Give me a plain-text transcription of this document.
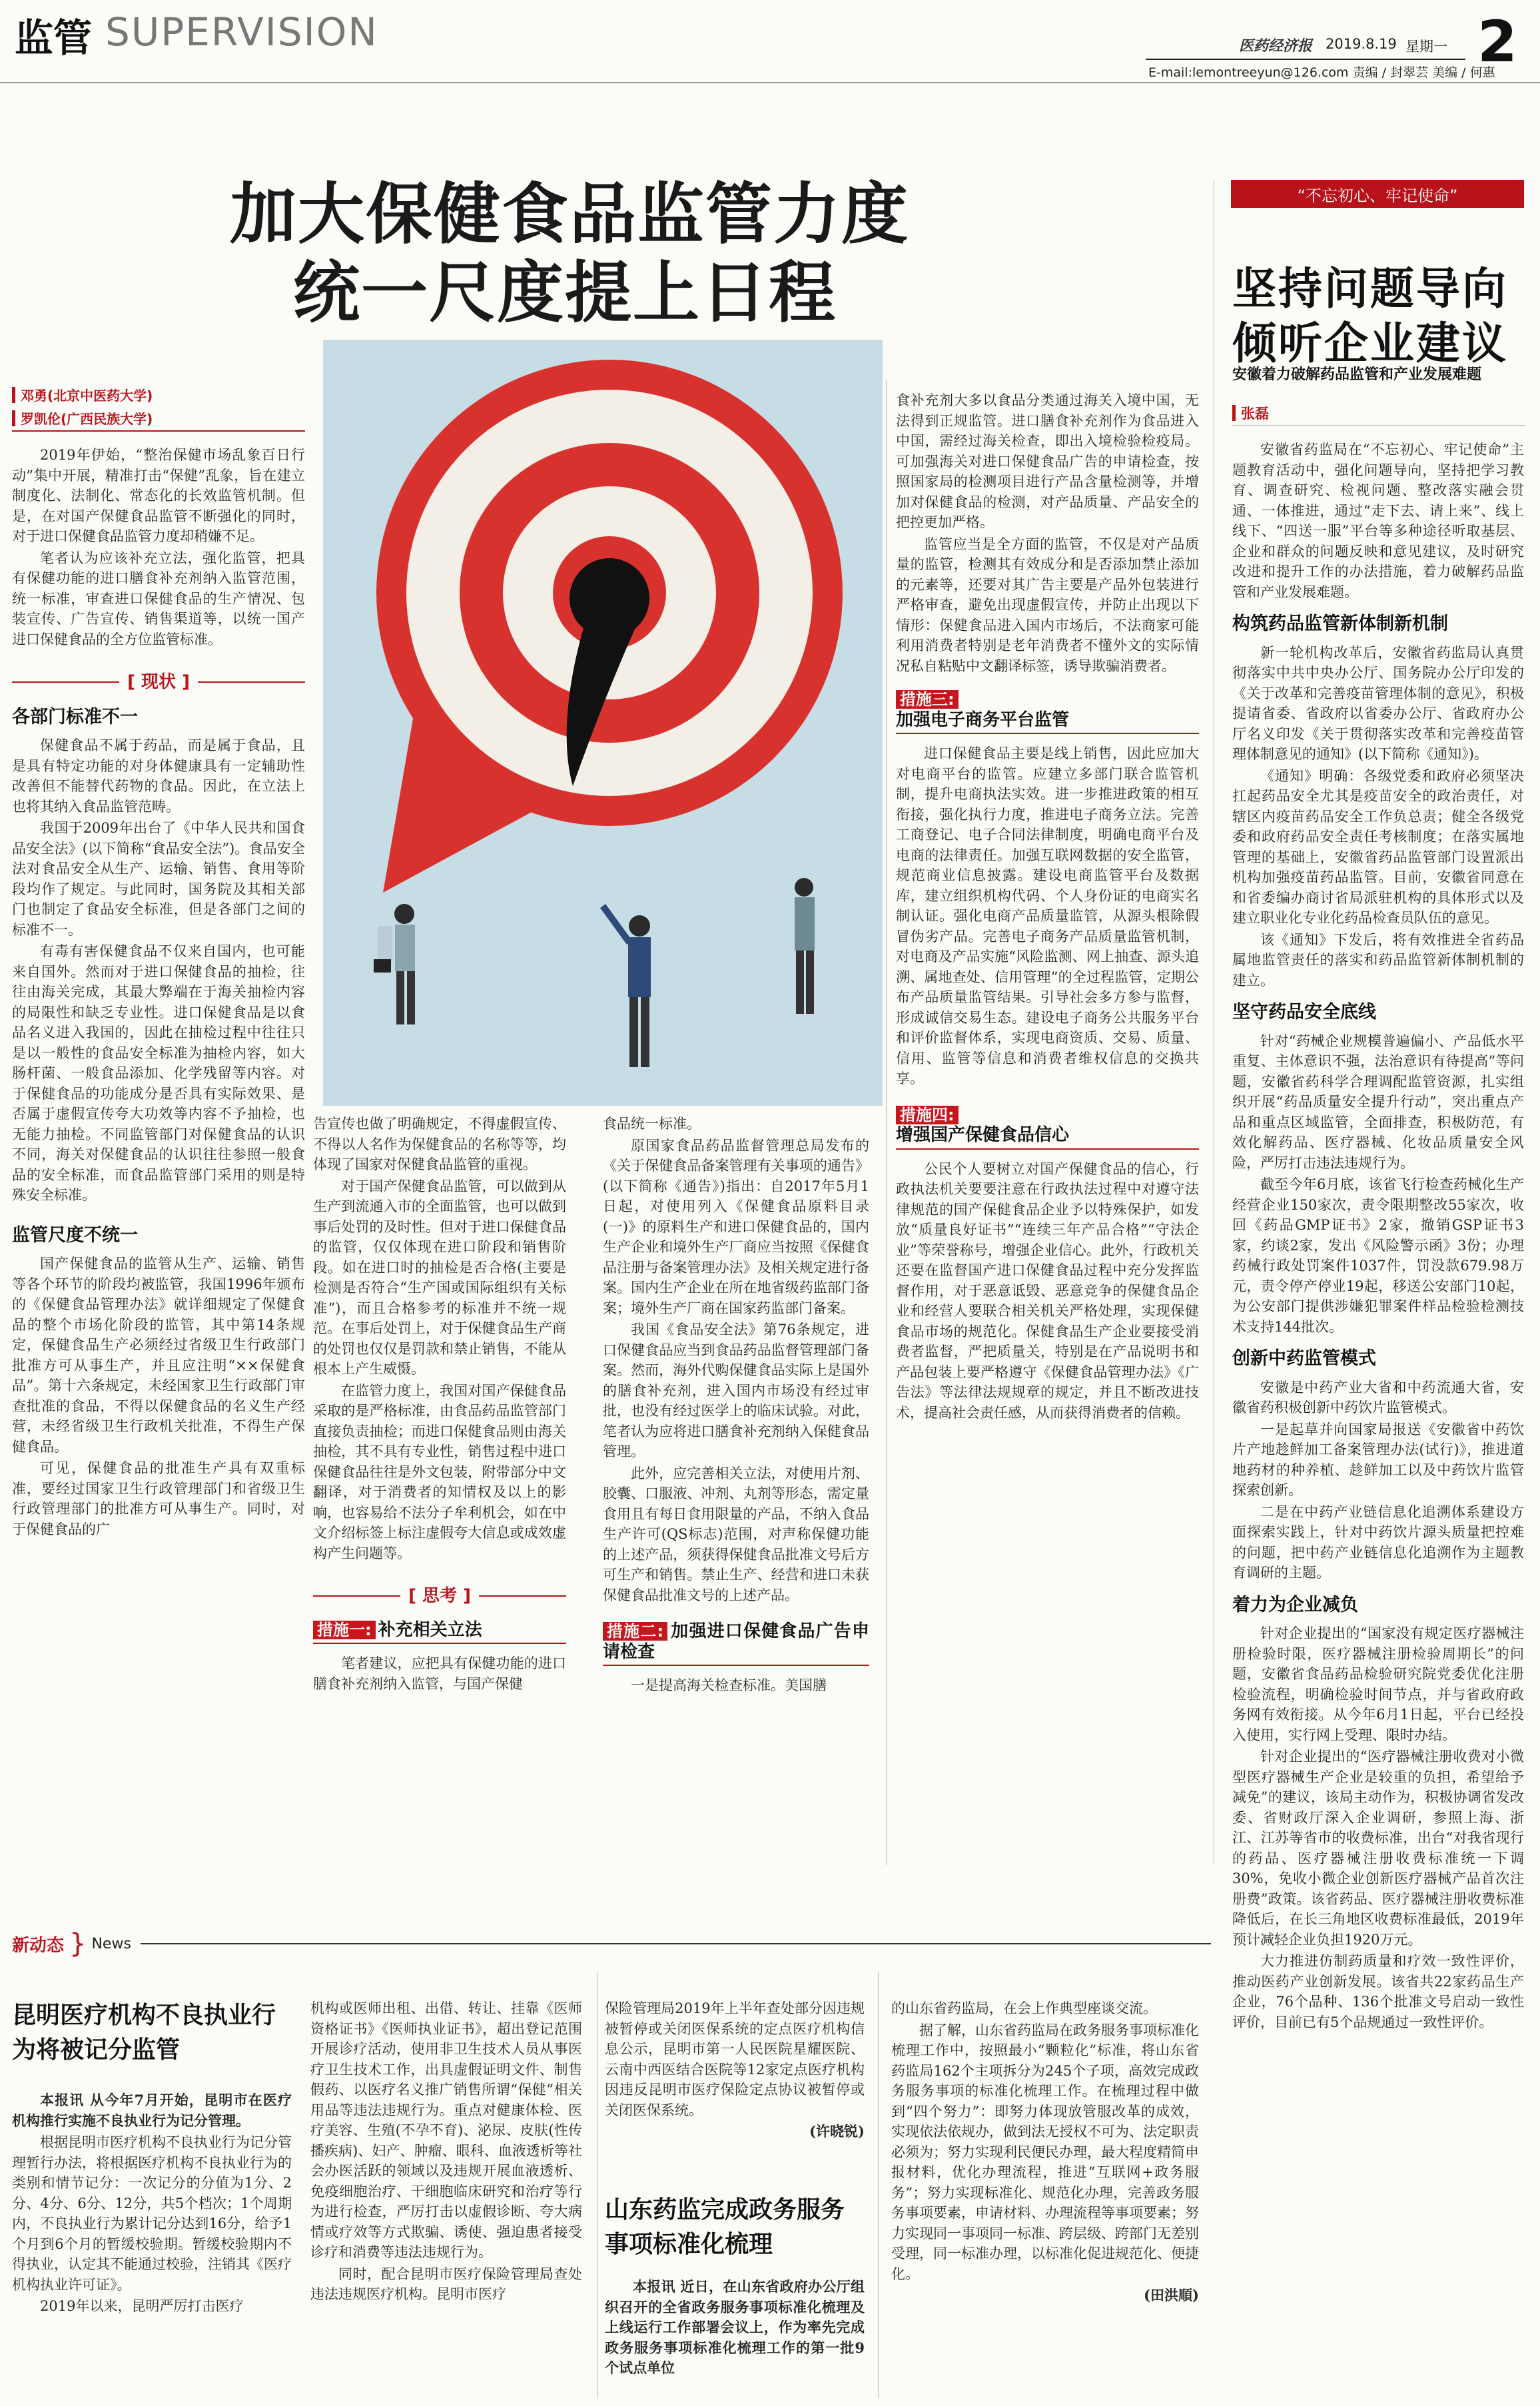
监管 SUPERVISION	医药经济报 2019.8.19 星期一 2
E-mail:lemontreeyun@126.com 责编 / 封翠芸 美编 / 何惠
加大保健食品监管力度
统一尺度提上日程
邓勇(北京中医药大学)
罗凯伦(广西民族大学)

2019年伊始，“整治保健市场乱象百日行动”集中开展，精准打击“保健”乱象，旨在建立制度化、法制化、常态化的长效监管机制。但是，在对国产保健食品监管不断强化的同时，对于进口保健食品监管力度却稍嫌不足。

笔者认为应该补充立法，强化监管，把具有保健功能的进口膳食补充剂纳入监管范围，统一标准，审查进口保健食品的生产情况、包装宣传、广告宣传、销售渠道等，以统一国产进口保健食品的全方位监管标准。

[ 现状 ]
各部门标准不一

保健食品不属于药品，而是属于食品，且是具有特定功能的对身体健康具有一定辅助性改善但不能替代药物的食品。因此，在立法上也将其纳入食品监管范畴。

我国于2009年出台了《中华人民共和国食品安全法》(以下简称“食品安全法”)。食品安全法对食品安全从生产、运输、销售、食用等阶段均作了规定。与此同时，国务院及其相关部门也制定了食品安全标准，但是各部门之间的标准不一。

有毒有害保健食品不仅来自国内，也可能来自国外。然而对于进口保健食品的抽检，往往由海关完成，其最大弊端在于海关抽检内容的局限性和缺乏专业性。进口保健食品是以食品名义进入我国的，因此在抽检过程中往往只是以一般性的食品安全标准为抽检内容，如大肠杆菌、一般食品添加、化学残留等内容。对于保健食品的功能成分是否具有实际效果、是否属于虚假宣传夸大功效等内容不予抽检，也无能力抽检。不同监管部门对保健食品的认识不同，海关对保健食品的认识往往参照一般食品的安全标准，而食品监管部门采用的则是特殊安全标准。

监管尺度不统一

国产保健食品的监管从生产、运输、销售等各个环节的阶段均被监管，我国1996年颁布的《保健食品管理办法》就详细规定了保健食品的整个市场化阶段的监管，其中第14条规定，保健食品生产必须经过省级卫生行政部门批准方可从事生产，并且应注明“××保健食品”。第十六条规定，未经国家卫生行政部门审查批准的食品，不得以保健食品的名义生产经营，未经省级卫生行政机关批准，不得生产保健食品。

可见，保健食品的批准生产具有双重标准，要经过国家卫生行政管理部门和省级卫生行政管理部门的批准方可从事生产。同时，对于保健食品的广

告宣传也做了明确规定，不得虚假宣传、不得以人名作为保健食品的名称等等，均体现了国家对保健食品监管的重视。

对于国产保健食品监管，可以做到从生产到流通入市的全面监管，也可以做到事后处罚的及时性。但对于进口保健食品的监管，仅仅体现在进口阶段和销售阶段。如在进口时的抽检是否合格(主要是检测是否符合“生产国或国际组织有关标准”)，而且合格参考的标准并不统一规范。在事后处罚上，对于保健食品生产商的处罚也仅仅是罚款和禁止销售，不能从根本上产生威慑。

在监管力度上，我国对国产保健食品采取的是严格标准，由食品药品监管部门直接负责抽检；而进口保健食品则由海关抽检，其不具有专业性，销售过程中进口保健食品往往是外文包装，附带部分中文翻译，对于消费者的知情权及以上的影响，也容易给不法分子牟利机会，如在中文介绍标签上标注虚假夸大信息或成效虚构产生问题等。

[ 思考 ]
措施一: 补充相关立法

笔者建议，应把具有保健功能的进口膳食补充剂纳入监管，与国产保健

食品统一标准。

原国家食品药品监督管理总局发布的《关于保健食品备案管理有关事项的通告》(以下简称《通告》)指出：自2017年5月1日起，对使用列入《保健食品原料目录(一)》的原料生产和进口保健食品的，国内生产企业和境外生产厂商应当按照《保健食品注册与备案管理办法》及相关规定进行备案。国内生产企业在所在地省级药监部门备案；境外生产厂商在国家药监部门备案。

我国《食品安全法》第76条规定，进口保健食品应当到食品药品监督管理部门备案。然而，海外代购保健食品实际上是国外的膳食补充剂，进入国内市场没有经过审批，也没有经过医学上的临床试验。对此，笔者认为应将进口膳食补充剂纳入保健食品管理。

此外，应完善相关立法，对使用片剂、胶囊、口服液、冲剂、丸剂等形态，需定量食用且有每日食用限量的产品，不纳入食品生产许可(QS标志)范围，对声称保健功能的上述产品，须获得保健食品批准文号后方可生产和销售。禁止生产、经营和进口未获保健食品批准文号的上述产品。

措施二: 加强进口保健食品广告申请检查

一是提高海关检查标准。美国膳

食补充剂大多以食品分类通过海关入境中国，无法得到正规监管。进口膳食补充剂作为食品进入中国，需经过海关检查，即出入境检验检疫局。可加强海关对进口保健食品广告的申请检查，按照国家局的检测项目进行产品含量检测等，并增加对保健食品的检测，对产品质量、产品安全的把控更加严格。

监管应当是全方面的监管，不仅是对产品质量的监管，检测其有效成分和是否添加禁止添加的元素等，还要对其广告主要是产品外包装进行严格审查，避免出现虚假宣传，并防止出现以下情形：保健食品进入国内市场后，不法商家可能利用消费者特别是老年消费者不懂外文的实际情况私自粘贴中文翻译标签，诱导欺骗消费者。

措施三:
加强电子商务平台监管

进口保健食品主要是线上销售，因此应加大对电商平台的监管。应建立多部门联合监管机制，提升电商执法实效。进一步推进政策的相互衔接，强化执行力度，推进电子商务立法。完善工商登记、电子合同法律制度，明确电商平台及电商的法律责任。加强互联网数据的安全监管，规范商业信息披露。建设电商监管平台及数据库，建立组织机构代码、个人身份证的电商实名制认证。强化电商产品质量监管，从源头根除假冒伪劣产品。完善电子商务产品质量监管机制，对电商及产品实施“风险监测、网上抽查、源头追溯、属地查处、信用管理”的全过程监管，定期公布产品质量监管结果。引导社会多方参与监督，形成诚信交易生态。建设电子商务公共服务平台和评价监督体系，实现电商资质、交易、质量、信用、监管等信息和消费者维权信息的交换共享。

措施四:
增强国产保健食品信心

公民个人要树立对国产保健食品的信心，行政执法机关要要注意在行政执法过程中对遵守法律规范的国产保健食品企业予以特殊保护，如发放“质量良好证书”“连续三年产品合格”“守法企业”等荣誉称号，增强企业信心。此外，行政机关还要在监督国产进口保健食品过程中充分发挥监督作用，对于恶意诋毁、恶意竞争的保健食品企业和经营人要联合相关机关严格处理，实现保健食品市场的规范化。保健食品生产企业要接受消费者监督，严把质量关，特别是在产品说明书和产品包装上要严格遵守《保健食品管理办法》《广告法》等法律法规规章的规定，并且不断改进技术，提高社会责任感，从而获得消费者的信赖。

“不忘初心、牢记使命”
坚持问题导向
倾听企业建议
安徽着力破解药品监管和产业发展难题
张磊

安徽省药监局在“不忘初心、牢记使命”主题教育活动中，强化问题导向，坚持把学习教育、调查研究、检视问题、整改落实融会贯通、一体推进，通过“走下去、请上来”、线上线下、“四送一服”平台等多种途径听取基层、企业和群众的问题反映和意见建议，及时研究改进和提升工作的办法措施，着力破解药品监管和产业发展难题。

构筑药品监管新体制新机制

新一轮机构改革后，安徽省药监局认真贯彻落实中共中央办公厅、国务院办公厅印发的《关于改革和完善疫苗管理体制的意见》，积极提请省委、省政府以省委办公厅、省政府办公厅名义印发《关于贯彻落实改革和完善疫苗管理体制意见的通知》(以下简称《通知》)。

《通知》明确：各级党委和政府必须坚决扛起药品安全尤其是疫苗安全的政治责任，对辖区内疫苗药品安全工作负总责；健全各级党委和政府药品安全责任考核制度；在落实属地管理的基础上，安徽省药品监管部门设置派出机构加强疫苗药品监管。目前，安徽省同意在和省委编办商讨省局派驻机构的具体形式以及建立职业化专业化药品检查员队伍的意见。

该《通知》下发后，将有效推进全省药品属地监管责任的落实和药品监管新体制机制的建立。

坚守药品安全底线

针对“药械企业规模普遍偏小、产品低水平重复、主体意识不强，法治意识有待提高”等问题，安徽省药科学合理调配监管资源，扎实组织开展“药品质量安全提升行动”，突出重点产品和重点区域监管，全面排查，积极防范，有效化解药品、医疗器械、化妆品质量安全风险，严厉打击违法违规行为。

截至今年6月底，该省飞行检查药械化生产经营企业150家次，责令限期整改55家次，收回《药品GMP证书》2家，撤销GSP证书3家，约谈2家，发出《风险警示函》3份；办理药械行政处罚案件1037件，罚没款679.98万元，责令停产停业19起，移送公安部门10起，为公安部门提供涉嫌犯罪案件样品检验检测技术支持144批次。

创新中药监管模式

安徽是中药产业大省和中药流通大省，安徽省药积极创新中药饮片监管模式。

一是起草并向国家局报送《安徽省中药饮片产地趁鲜加工备案管理办法(试行)》，推进道地药材的种养植、趁鲜加工以及中药饮片监管探索创新。

二是在中药产业链信息化追溯体系建设方面探索实践上，针对中药饮片源头质量把控难的问题，把中药产业链信息化追溯作为主题教育调研的主题。

着力为企业减负

针对企业提出的“国家没有规定医疗器械注册检验时限，医疗器械注册检验周期长”的问题，安徽省食品药品检验研究院党委优化注册检验流程，明确检验时间节点，并与省政府政务网有效衔接。从今年6月1日起，平台已经投入使用，实行网上受理、限时办结。

针对企业提出的“医疗器械注册收费对小微型医疗器械生产企业是较重的负担，希望给予减免”的建议，该局主动作为，积极协调省发改委、省财政厅深入企业调研，参照上海、浙江、江苏等省市的收费标准，出台“对我省现行的药品、医疗器械注册收费标准统一下调30%，免收小微企业创新医疗器械产品首次注册费”政策。该省药品、医疗器械注册收费标准降低后，在长三角地区收费标准最低，2019年预计减轻企业负担1920万元。

大力推进仿制药质量和疗效一致性评价，推动医药产业创新发展。该省共22家药品生产企业，76个品种、136个批准文号启动一致性评价，目前已有5个品规通过一致性评价。

新动态 } News
昆明医疗机构不良执业行为将被记分监管

本报讯 从今年7月开始，昆明市在医疗机构推行实施不良执业行为记分管理。

根据昆明市医疗机构不良执业行为记分管理暂行办法，将根据医疗机构不良执业行为的类别和情节记分：一次记分的分值为1分、2分、4分、6分、12分，共5个档次；1个周期内，不良执业行为累计记分达到16分，给予1个月到6个月的暂缓校验期。暂缓校验期内不得执业，认定其不能通过校验，注销其《医疗机构执业许可证》。

2019年以来，昆明严厉打击医疗

机构或医师出租、出借、转让、挂靠《医师资格证书》《医师执业证书》，超出登记范围开展诊疗活动，使用非卫生技术人员从事医疗卫生技术工作，出具虚假证明文件、制售假药、以医疗名义推广销售所谓“保健”相关用品等违法违规行为。重点对健康体检、医疗美容、生殖(不孕不育)、泌尿、皮肤(性传播疾病)、妇产、肿瘤、眼科、血液透析等社会办医活跃的领域以及违规开展血液透析、免疫细胞治疗、干细胞临床研究和治疗等行为进行检查，严厉打击以虚假诊断、夸大病情或疗效等方式欺骗、诱使、强迫患者接受诊疗和消费等违法违规行为。

同时，配合昆明市医疗保险管理局查处违法违规医疗机构。昆明市医疗

保险管理局2019年上半年查处部分因违规被暂停或关闭医保系统的定点医疗机构信息公示，昆明市第一人民医院星耀医院、云南中西医结合医院等12家定点医疗机构因违反昆明市医疗保险定点协议被暂停或关闭医保系统。

(许晓锐)

山东药监完成政务服务事项标准化梳理

本报讯 近日，在山东省政府办公厅组织召开的全省政务服务事项标准化梳理及上线运行工作部署会议上，作为率先完成政务服务事项标准化梳理工作的第一批9个试点单位

的山东省药监局，在会上作典型座谈交流。

据了解，山东省药监局在政务服务事项标准化梳理工作中，按照最小“颗粒化”标准，将山东省药监局162个主项拆分为245个子项，高效完成政务服务事项的标准化梳理工作。在梳理过程中做到“四个努力”：即努力体现放管服改革的成效，实现依法依规办，做到法无授权不可为、法定职责必须为；努力实现利民便民办理，最大程度精简申报材料，优化办理流程，推进“互联网+政务服务”；努力实现标准化、规范化办理，完善政务服务事项要素，申请材料、办理流程等事项要素；努力实现同一事项同一标准、跨层级、跨部门无差别受理，同一标准办理，以标准化促进规范化、便捷化。

(田洪順)
